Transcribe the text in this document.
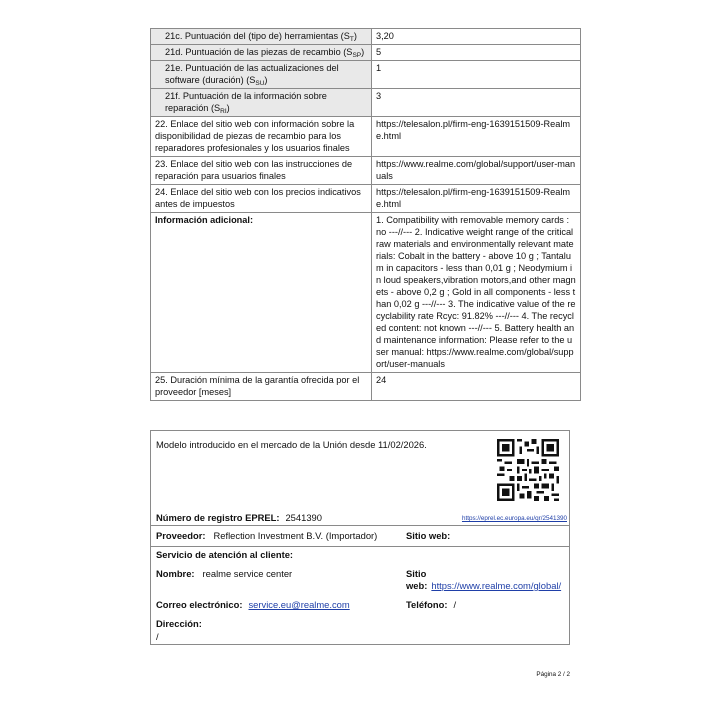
21c. Puntuación del (tipo de) herramientas $(S_T)$	3,20
21d. Puntuación de las piezas de recambio $(S_{SP})$	5
21e. Puntuación de las actualizaciones del software (duración) $(S_{SU})$	1
21f. Puntuación de la información sobre reparación $(S_{RI})$	3
22. Enlace del sitio web con información sobre la disponibilidad de piezas de recambio para los reparadores profesionales y los usuarios finales	https://telesalon.pl/firm-eng-1639151509-Realme.html
23. Enlace del sitio web con las instrucciones de reparación para usuarios finales	https://www.realme.com/global/support/user-manuals
24. Enlace del sitio web con los precios indicativos antes de impuestos	https://telesalon.pl/firm-eng-1639151509-Realme.html
Información adicional:	1. Compatibility with removable memory cards : no ---//--- 2. Indicative weight range of the critical raw materials and environmentally relevant materials: Cobalt in the battery - above 10 g ; Tantalum in capacitors - less than 0,01 g ; Neodymium in loud speakers,vibration motors,and other magnets - above 0,2 g ; Gold in all components - less than 0,02 g ---//--- 3. The indicative value of the recyclability rate Rcyc: 91.82% ---//--- 4. The recycled content: not known ---//--- 5. Battery health and maintenance information: Please refer to the user manual: https://www.realme.com/global/support/user-manuals
25. Duración mínima de la garantía ofrecida por el proveedor [meses]	24
Modelo introducido en el mercado de la Unión desde 11/02/2026.
Número de registro EPREL: 2541390	https://eprel.ec.europa.eu/qr/2541390
Proveedor: Reflection Investment B.V. (Importador)	Sitio web:
Servicio de atención al cliente:
Nombre: realme service center	Sitio web: https://www.realme.com/global/
Correo electrónico: service.eu@realme.com	Teléfono: /
Dirección:
/
Página 2 / 2
